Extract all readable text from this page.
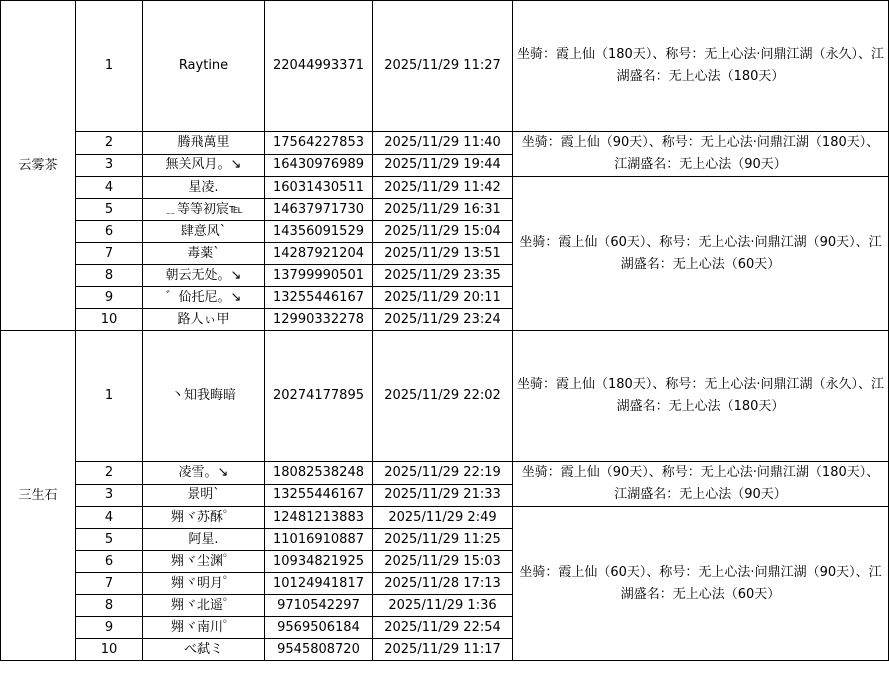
云雾茶	1	Raytine	22044993371	2025/11/29 11:27	坐骑：霞上仙（180天）、称号：无上心法·问鼎江湖（永久）、江湖盛名：无上心法（180天）
	2	腾飛萬里	17564227853	2025/11/29 11:40	坐骑：霞上仙（90天）、称号：无上心法·问鼎江湖（180天）、江湖盛名：无上心法（90天）
	3	無关风月。↘	16430976989	2025/11/29 19:44	
	4	星凌.	16031430511	2025/11/29 11:42	坐骑：霞上仙（60天）、称号：无上心法·问鼎江湖（90天）、江湖盛名：无上心法（60天）
	5	﹎等等初宸℡	14637971730	2025/11/29 16:31	
	6	肆意风`	14356091529	2025/11/29 15:04	
	7	毒薬`	14287921204	2025/11/29 13:51	
	8	朝云无处。↘	13799990501	2025/11/29 23:35	
	9	゛佡托尼。↘	13255446167	2025/11/29 20:11	
	10	路人ぃ甲	12990332278	2025/11/29 23:24	
三生石	1	丶知我晦暗	20274177895	2025/11/29 22:02	坐骑：霞上仙（180天）、称号：无上心法·问鼎江湖（永久）、江湖盛名：无上心法（180天）
	2	凌雪。↘	18082538248	2025/11/29 22:19	坐骑：霞上仙（90天）、称号：无上心法·问鼎江湖（180天）、江湖盛名：无上心法（90天）
	3	景明`	13255446167	2025/11/29 21:33	
	4	翙ヾ苏酥゜	12481213883	2025/11/29 2:49	坐骑：霞上仙（60天）、称号：无上心法·问鼎江湖（90天）、江湖盛名：无上心法（60天）
	5	阿星.	11016910887	2025/11/29 11:25	
	6	翙ヾ尘渊゜	10934821925	2025/11/29 15:03	
	7	翙ヾ明月゜	10124941817	2025/11/28 17:13	
	8	翙ヾ北遥゜	9710542297	2025/11/29 1:36	
	9	翙ヾ南川゜	9569506184	2025/11/29 22:54	
	10	べ弑ミ	9545808720	2025/11/29 11:17	
